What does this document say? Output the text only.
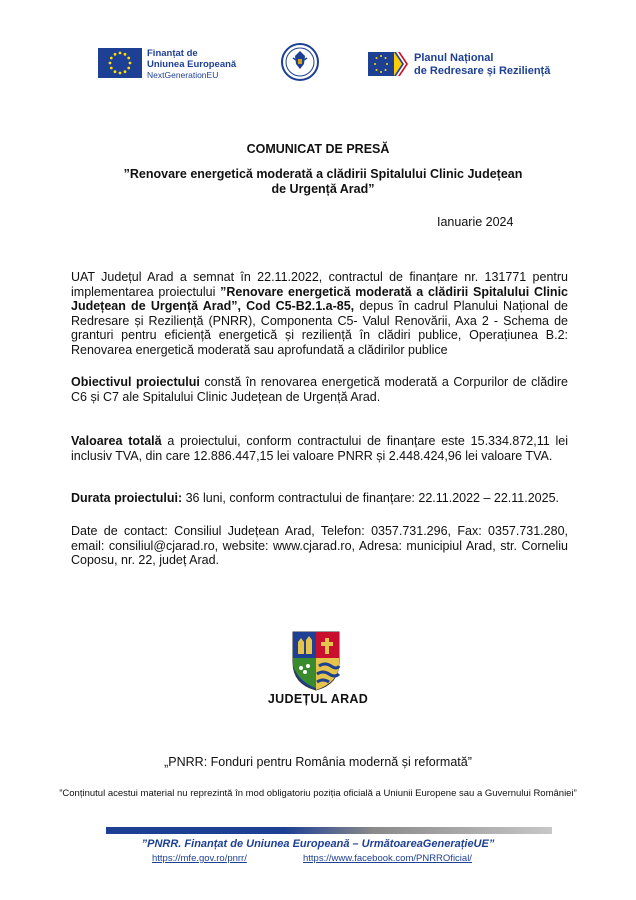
Finanțat de
Uniunea Europeană
NextGenerationEU
Planul Național
de Redresare și Reziliență
COMUNICAT DE PRESĂ
”Renovare energetică moderată a clădirii Spitalului Clinic Județean de Urgență Arad”
Ianuarie 2024
UAT Județul Arad a semnat în 22.11.2022, contractul de finanțare nr. 131771 pentru implementarea proiectului ”Renovare energetică moderată a clădirii Spitalului Clinic Județean de Urgență Arad”, Cod C5-B2.1.a-85, depus în cadrul Planului Național de Redresare și Reziliență (PNRR), Componenta C5- Valul Renovării, Axa 2 - Schema de granturi pentru eficiență energetică și reziliență în clădiri publice, Operațiunea B.2: Renovarea energetică moderată sau aprofundată a clădirilor publice
Obiectivul proiectului constă în renovarea energetică moderată a Corpurilor de clădire C6 și C7 ale Spitalului Clinic Județean de Urgență Arad.
Valoarea totală a proiectului, conform contractului de finanțare este 15.334.872,11 lei inclusiv TVA, din care 12.886.447,15 lei valoare PNRR și 2.448.424,96 lei valoare TVA.
Durata proiectului: 36 luni, conform contractului de finanțare: 22.11.2022 – 22.11.2025.
Date de contact: Consiliul Județean Arad, Telefon: 0357.731.296, Fax: 0357.731.280, email: consiliul@cjarad.ro, website: www.cjarad.ro, Adresa: municipiul Arad, str. Corneliu Coposu, nr. 22, județ Arad.
JUDEȚUL ARAD
„PNRR: Fonduri pentru România modernă și reformată”
”Conținutul acestui material nu reprezintă în mod obligatoriu poziția oficială a Uniunii Europene sau a Guvernului României”
”PNRR. Finanțat de Uniunea Europeană – UrmătoareaGenerațieUE”
https://mfe.gov.ro/pnrr/	https://www.facebook.com/PNRROficial/
